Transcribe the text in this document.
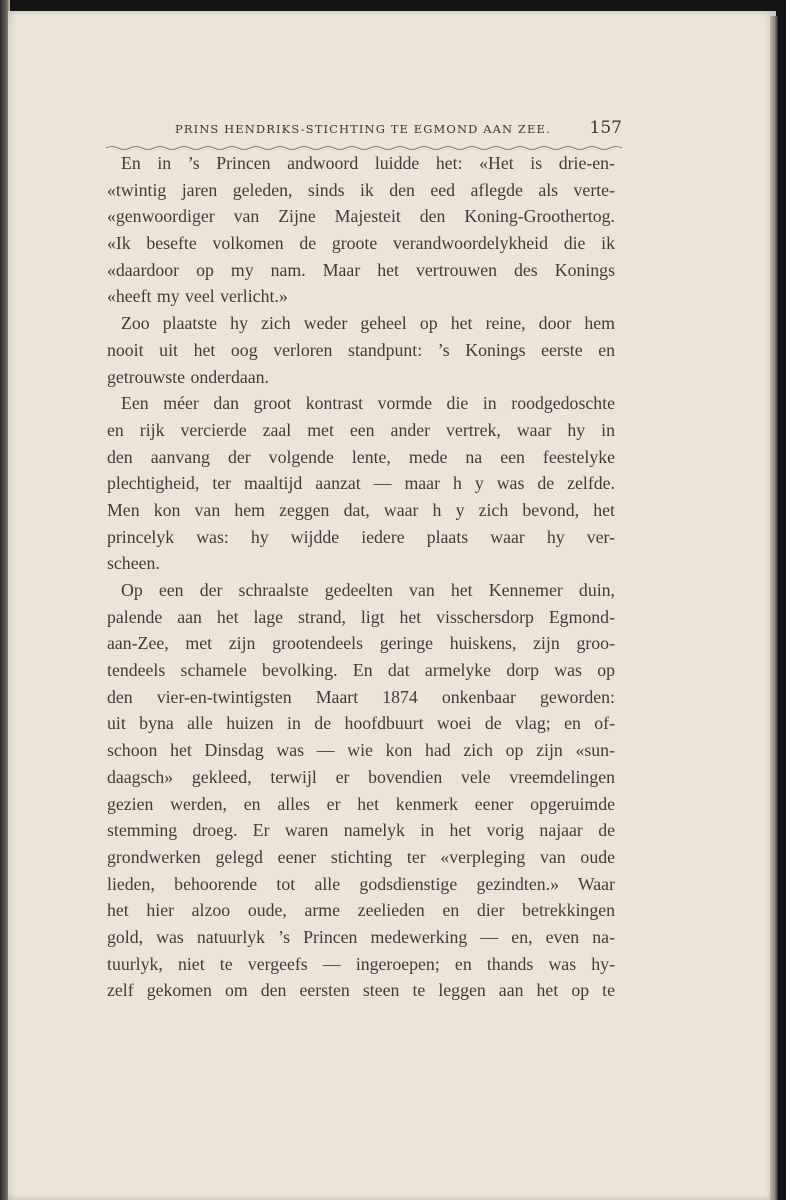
PRINS HENDRIKS-STICHTING TE EGMOND AAN ZEE. 157
En in ’s Princen andwoord luidde het: «Het is drie-en-
«twintig jaren geleden, sinds ik den eed aflegde als verte-
«genwoordiger van Zijne Majesteit den Koning-Groothertog.
«Ik besefte volkomen de groote verandwoordelykheid die ik
«daardoor op my nam. Maar het vertrouwen des Konings
«heeft my veel verlicht.»
Zoo plaatste hy zich weder geheel op het reine, door hem
nooit uit het oog verloren standpunt: ’s Konings eerste en
getrouwste onderdaan.
Een méer dan groot kontrast vormde die in roodgedoschte
en rijk vercierde zaal met een ander vertrek, waar hy in
den aanvang der volgende lente, mede na een feestelyke
plechtigheid, ter maaltijd aanzat — maar h y was de zelfde.
Men kon van hem zeggen dat, waar h y zich bevond, het
princelyk was: hy wijdde iedere plaats waar hy ver-
scheen.
Op een der schraalste gedeelten van het Kennemer duin,
palende aan het lage strand, ligt het visschersdorp Egmond-
aan-Zee, met zijn grootendeels geringe huiskens, zijn groo-
tendeels schamele bevolking. En dat armelyke dorp was op
den vier-en-twintigsten Maart 1874 onkenbaar geworden:
uit byna alle huizen in de hoofdbuurt woei de vlag; en of-
schoon het Dinsdag was — wie kon had zich op zijn «sun-
daagsch» gekleed, terwijl er bovendien vele vreemdelingen
gezien werden, en alles er het kenmerk eener opgeruimde
stemming droeg. Er waren namelyk in het vorig najaar de
grondwerken gelegd eener stichting ter «verpleging van oude
lieden, behoorende tot alle godsdienstige gezindten.» Waar
het hier alzoo oude, arme zeelieden en dier betrekkingen
gold, was natuurlyk ’s Princen medewerking — en, even na-
tuurlyk, niet te vergeefs — ingeroepen; en thands was hy-
zelf gekomen om den eersten steen te leggen aan het op te
